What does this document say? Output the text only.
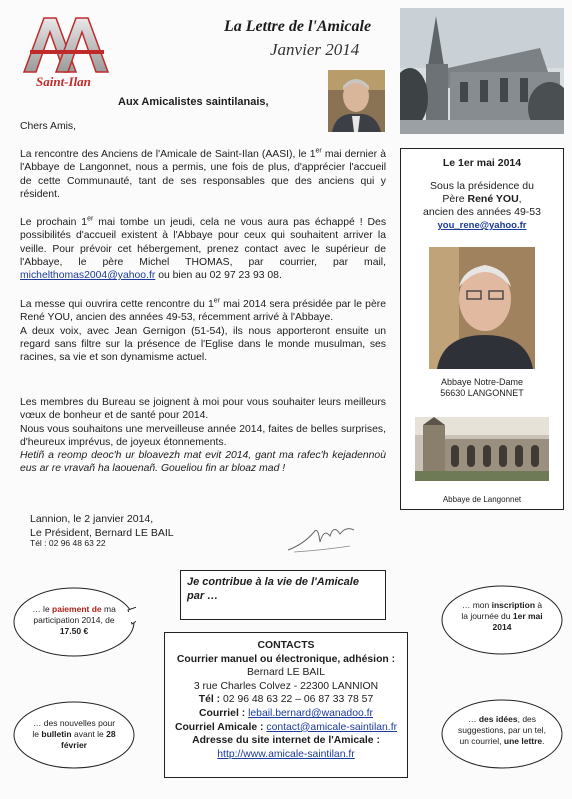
Saint-Ilan
La Lettre de l'Amicale
Janvier 2014
Aux Amicalistes saintilanais,
Chers Amis,

La rencontre des Anciens de l'Amicale de Saint-Ilan (AASI), le 1er mai dernier à l'Abbaye de Langonnet, nous a permis, une fois de plus, d'apprécier l'accueil de cette Communauté, tant de ses responsables que des anciens qui y résident.

Le prochain 1er mai tombe un jeudi, cela ne vous aura pas échappé ! Des possibilités d'accueil existent à l'Abbaye pour ceux qui souhaitent arriver la veille. Pour prévoir cet hébergement, prenez contact avec le supérieur de l'Abbaye, le père Michel THOMAS, par courrier, par mail, michelthomas2004@yahoo.fr ou bien au 02 97 23 93 08.

La messe qui ouvrira cette rencontre du 1er mai 2014 sera présidée par le père René YOU, ancien des années 49-53, récemment arrivé à l'Abbaye.

A deux voix, avec Jean Gernigon (51-54), ils nous apporteront ensuite un regard sans filtre sur la présence de l'Eglise dans le monde musulman, ses racines, sa vie et son dynamisme actuel.

Les membres du Bureau se joignent à moi pour vous souhaiter leurs meilleurs vœux de bonheur et de santé pour 2014.

Nous vous souhaitons une merveilleuse année 2014, faites de belles surprises, d'heureux imprévus, de joyeux étonnements.

Hetiñ a reomp deoc'h ur bloavezh mat evit 2014, gant ma rafec'h kejadennoù eus ar re vravañ ha laouenañ. Goueliou fin ar bloaz mad !

Lannion, le 2 janvier 2014,
Le Président, Bernard LE BAIL
Tél : 02 96 48 63 22
Le 1er mai 2014
Sous la présidence du
Père René YOU,
ancien des années 49-53
you_rene@yahoo.fr
Abbaye Notre-Dame
56630 LANGONNET
Abbaye de Langonnet
Je contribue à la vie de l'Amicale
par …
… le paiement de ma participation 2014, de 17.50 €
… mon inscription à la journée du 1er mai 2014
… des nouvelles pour le bulletin avant le 28 février
… des idées, des suggestions, par un tel, un courriel, une lettre.
CONTACTS
Courrier manuel ou électronique, adhésion :
Bernard LE BAIL
3 rue Charles Colvez - 22300 LANNION
Tél : 02 96 48 63 22 – 06 87 33 78 57
Courriel : lebail.bernard@wanadoo.fr
Courriel Amicale : contact@amicale-saintilan.fr
Adresse du site internet de l'Amicale :
http://www.amicale-saintilan.fr
